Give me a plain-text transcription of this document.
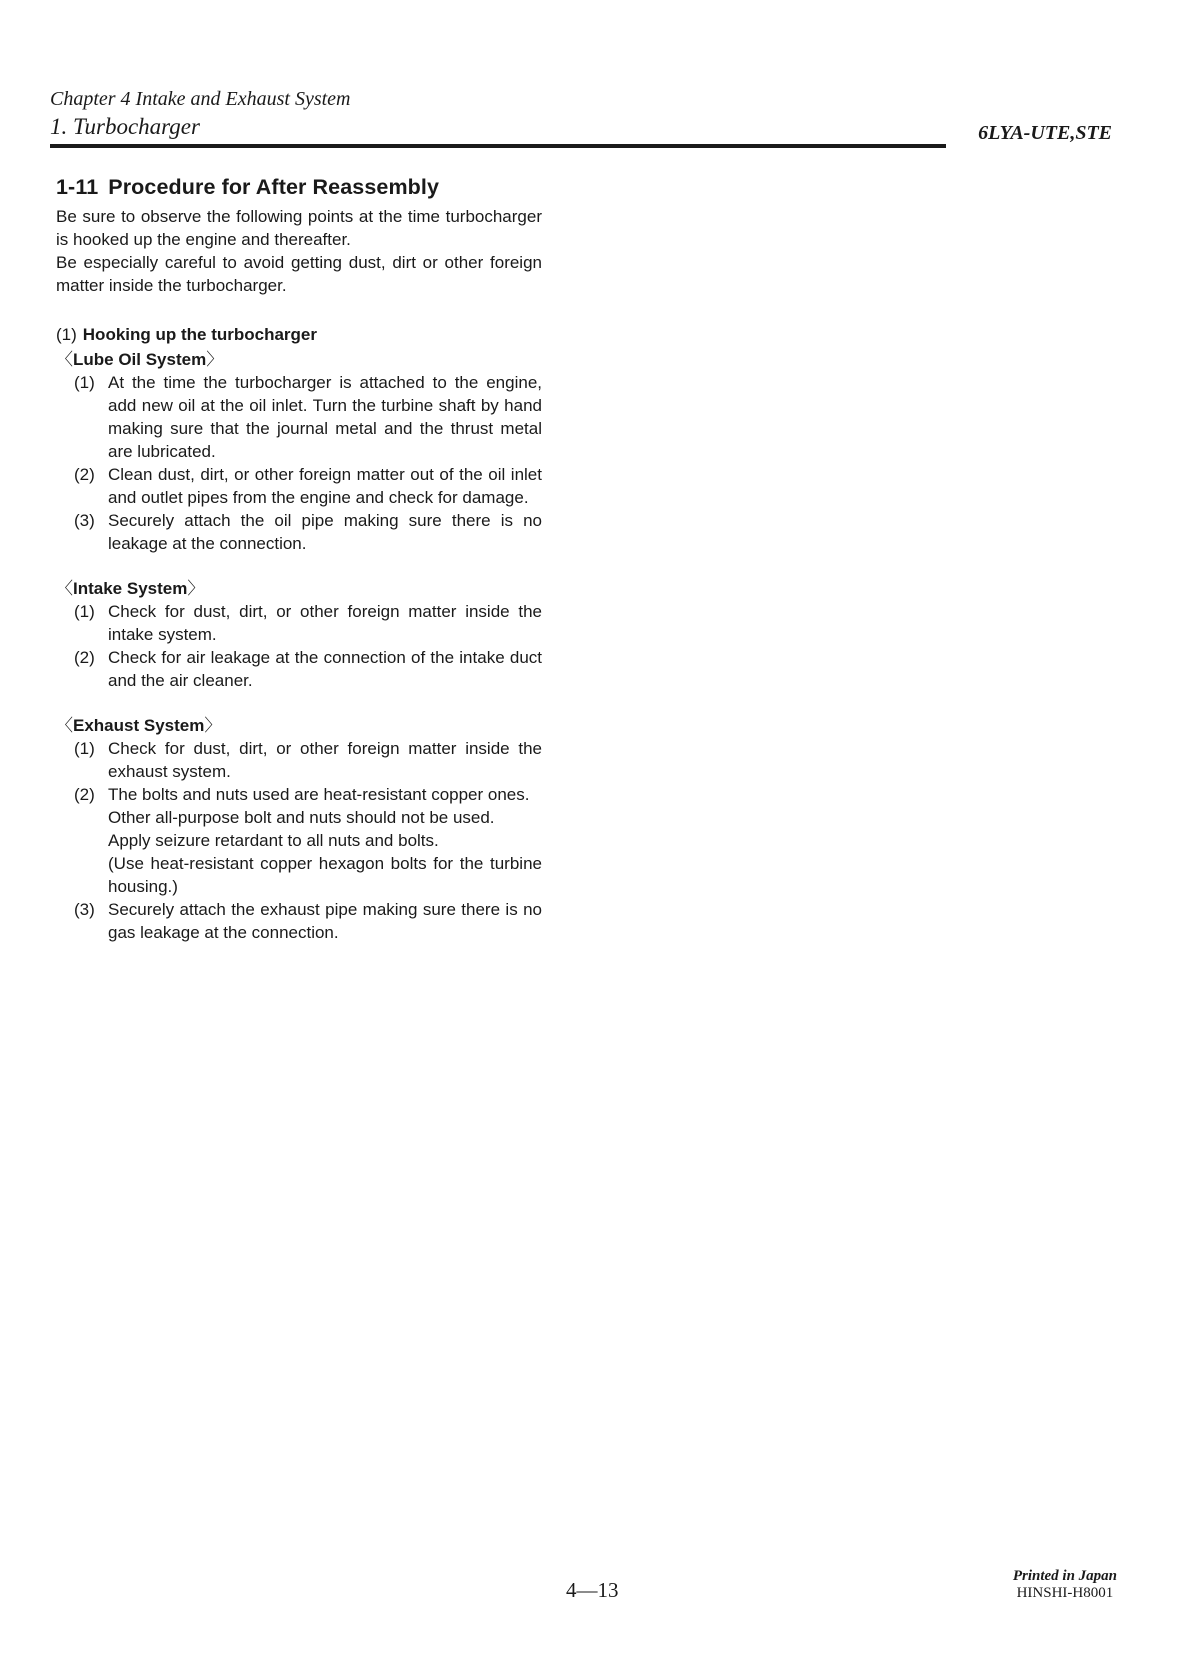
Chapter 4 Intake and Exhaust System
1. Turbocharger	6LYA-UTE,STE
1-11 Procedure for After Reassembly

Be sure to observe the following points at the time turbocharger is hooked up the engine and thereafter.

Be especially careful to avoid getting dust, dirt or other foreign matter inside the turbocharger.

(1) Hooking up the turbocharger
〈Lube Oil System〉
(1) At the time the turbocharger is attached to the engine, add new oil at the oil inlet. Turn the turbine shaft by hand making sure that the journal metal and the thrust metal are lubricated.
(2) Clean dust, dirt, or other foreign matter out of the oil inlet and outlet pipes from the engine and check for damage.
(3) Securely attach the oil pipe making sure there is no leakage at the connection.
〈Intake System〉
(1) Check for dust, dirt, or other foreign matter inside the intake system.
(2) Check for air leakage at the connection of the intake duct and the air cleaner.
〈Exhaust System〉
(1) Check for dust, dirt, or other foreign matter inside the exhaust system.
(2) The bolts and nuts used are heat-resistant copper ones.
Other all-purpose bolt and nuts should not be used.
Apply seizure retardant to all nuts and bolts.
(Use heat-resistant copper hexagon bolts for the turbine housing.)
(3) Securely attach the exhaust pipe making sure there is no gas leakage at the connection.
4—13
Printed in Japan
HINSHI-H8001
